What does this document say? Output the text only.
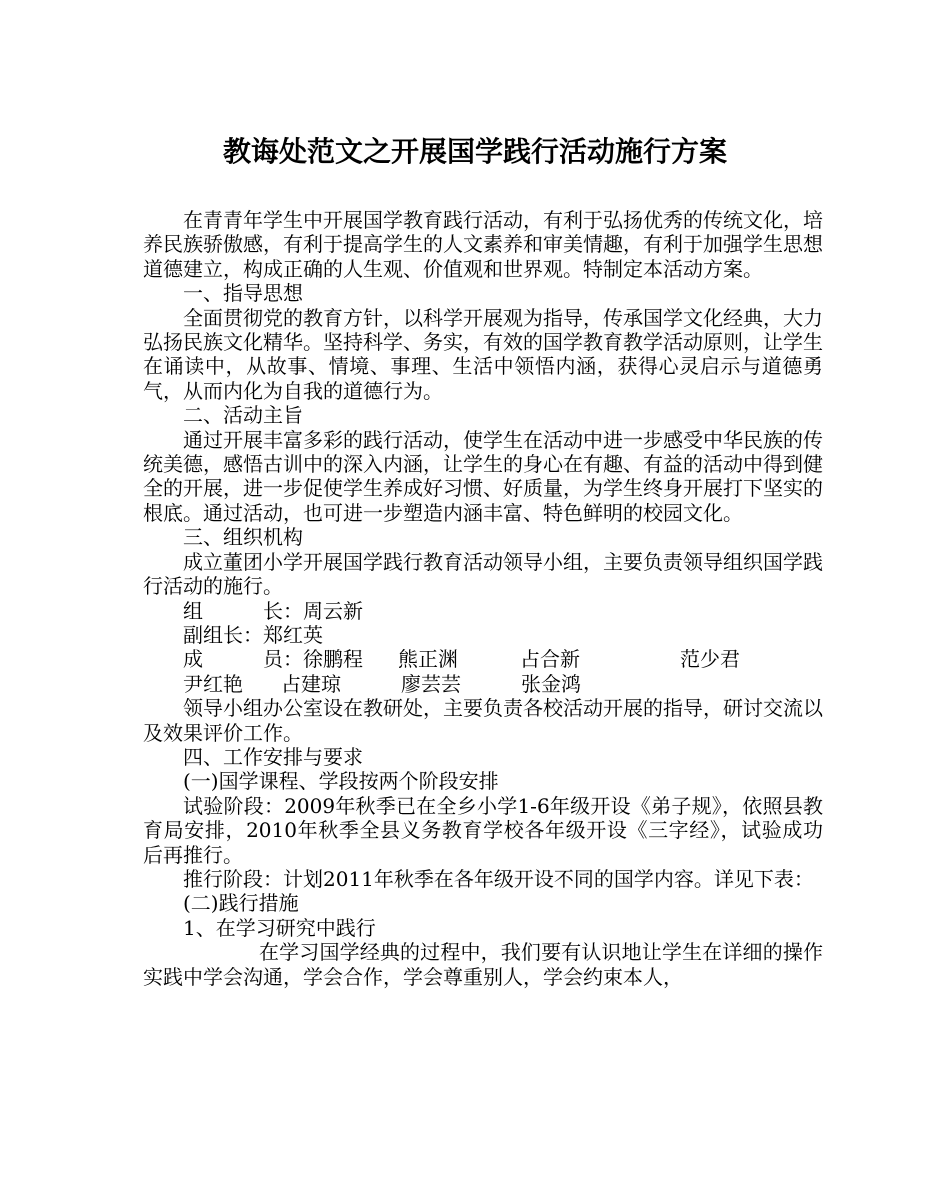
教诲处范文之开展国学践行活动施行方案

在青青年学生中开展国学教育践行活动，有利于弘扬优秀的传统文化，培养民族骄傲感，有利于提高学生的人文素养和审美情趣，有利于加强学生思想道德建立，构成正确的人生观、价值观和世界观。特制定本活动方案。

一、指导思想

全面贯彻党的教育方针，以科学开展观为指导，传承国学文化经典，大力弘扬民族文化精华。坚持科学、务实，有效的国学教育教学活动原则，让学生在诵读中，从故事、情境、事理、生活中领悟内涵，获得心灵启示与道德勇气，从而内化为自我的道德行为。

二、活动主旨

通过开展丰富多彩的践行活动，使学生在活动中进一步感受中华民族的传统美德，感悟古训中的深入内涵，让学生的身心在有趣、有益的活动中得到健全的开展，进一步促使学生养成好习惯、好质量，为学生终身开展打下坚实的根底。通过活动，也可进一步塑造内涵丰富、特色鲜明的校园文化。

三、组织机构

成立董团小学开展国学践行教育活动领导小组，主要负责领导组织国学践行活动的施行。

组　　　长：周云新

副组长：郑红英

成　　　员： 徐鹏程	熊正渊	占合新	范少君

尹红艳	占建琼	廖芸芸	张金鸿

领导小组办公室设在教研处，主要负责各校活动开展的指导，研讨交流以及效果评价工作。

四、工作安排与要求

(一)国学课程、学段按两个阶段安排

试验阶段：2009年秋季已在全乡小学1-6年级开设《弟子规》，依照县教育局安排，2010年秋季全县义务教育学校各年级开设《三字经》，试验成功后再推行。

推行阶段：计划2011年秋季在各年级开设不同的国学内容。详见下表：

(二)践行措施

1、在学习研究中践行

在学习国学经典的过程中，我们要有认识地让学生在详细的操作实践中学会沟通，学会合作，学会尊重别人，学会约束本人，
